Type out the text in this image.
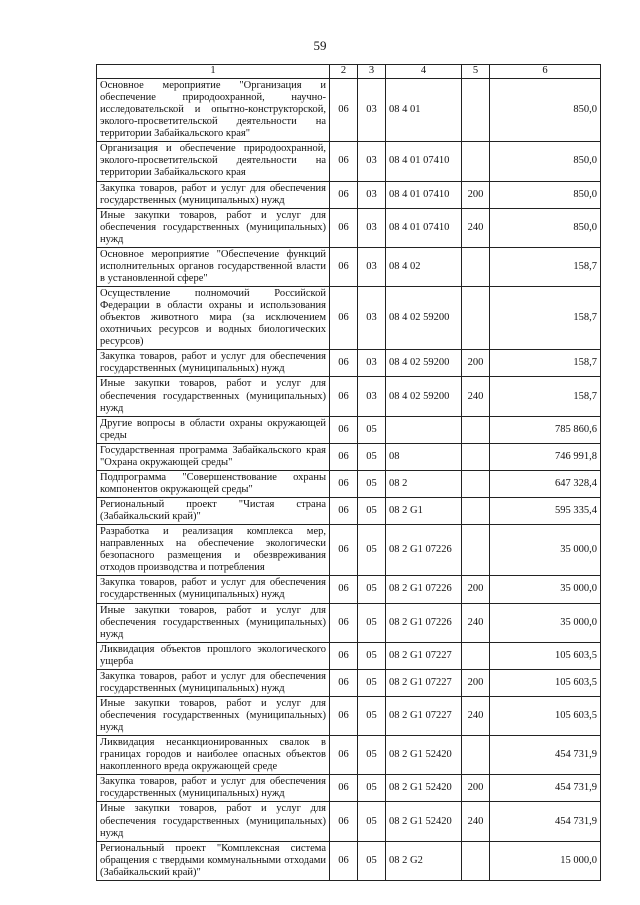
59
1	2	3	4	5	6
Основное мероприятие "Организация и обеспечение природоохранной, научно-исследовательской и опытно-конструкторской, эколого-просветительской деятельности на территории Забайкальского края"	06	03	08 4 01		850,0
Организация и обеспечение природоохранной, эколого-просветительской деятельности на территории Забайкальского края	06	03	08 4 01 07410		850,0
Закупка товаров, работ и услуг для обеспечения государственных (муниципальных) нужд	06	03	08 4 01 07410	200	850,0
Иные закупки товаров, работ и услуг для обеспечения государственных (муниципальных) нужд	06	03	08 4 01 07410	240	850,0
Основное мероприятие "Обеспечение функций исполнительных органов государственной власти в установленной сфере"	06	03	08 4 02		158,7
Осуществление полномочий Российской Федерации в области охраны и использования объектов животного мира (за исключением охотничьих ресурсов и водных биологических ресурсов)	06	03	08 4 02 59200		158,7
Закупка товаров, работ и услуг для обеспечения государственных (муниципальных) нужд	06	03	08 4 02 59200	200	158,7
Иные закупки товаров, работ и услуг для обеспечения государственных (муниципальных) нужд	06	03	08 4 02 59200	240	158,7
Другие вопросы в области охраны окружающей среды	06	05			785 860,6
Государственная программа Забайкальского края "Охрана окружающей среды"	06	05	08		746 991,8
Подпрограмма "Совершенствование охраны компонентов окружающей среды"	06	05	08 2		647 328,4
Региональный проект "Чистая страна (Забайкальский край)"	06	05	08 2 G1		595 335,4
Разработка и реализация комплекса мер, направленных на обеспечение экологически безопасного размещения и обезвреживания отходов производства и потребления	06	05	08 2 G1 07226		35 000,0
Закупка товаров, работ и услуг для обеспечения государственных (муниципальных) нужд	06	05	08 2 G1 07226	200	35 000,0
Иные закупки товаров, работ и услуг для обеспечения государственных (муниципальных) нужд	06	05	08 2 G1 07226	240	35 000,0
Ликвидация объектов прошлого экологического ущерба	06	05	08 2 G1 07227		105 603,5
Закупка товаров, работ и услуг для обеспечения государственных (муниципальных) нужд	06	05	08 2 G1 07227	200	105 603,5
Иные закупки товаров, работ и услуг для обеспечения государственных (муниципальных) нужд	06	05	08 2 G1 07227	240	105 603,5
Ликвидация несанкционированных свалок в границах городов и наиболее опасных объектов накопленного вреда окружающей среде	06	05	08 2 G1 52420		454 731,9
Закупка товаров, работ и услуг для обеспечения государственных (муниципальных) нужд	06	05	08 2 G1 52420	200	454 731,9
Иные закупки товаров, работ и услуг для обеспечения государственных (муниципальных) нужд	06	05	08 2 G1 52420	240	454 731,9
Региональный проект "Комплексная система обращения с твердыми коммунальными отходами (Забайкальский край)"	06	05	08 2 G2		15 000,0
